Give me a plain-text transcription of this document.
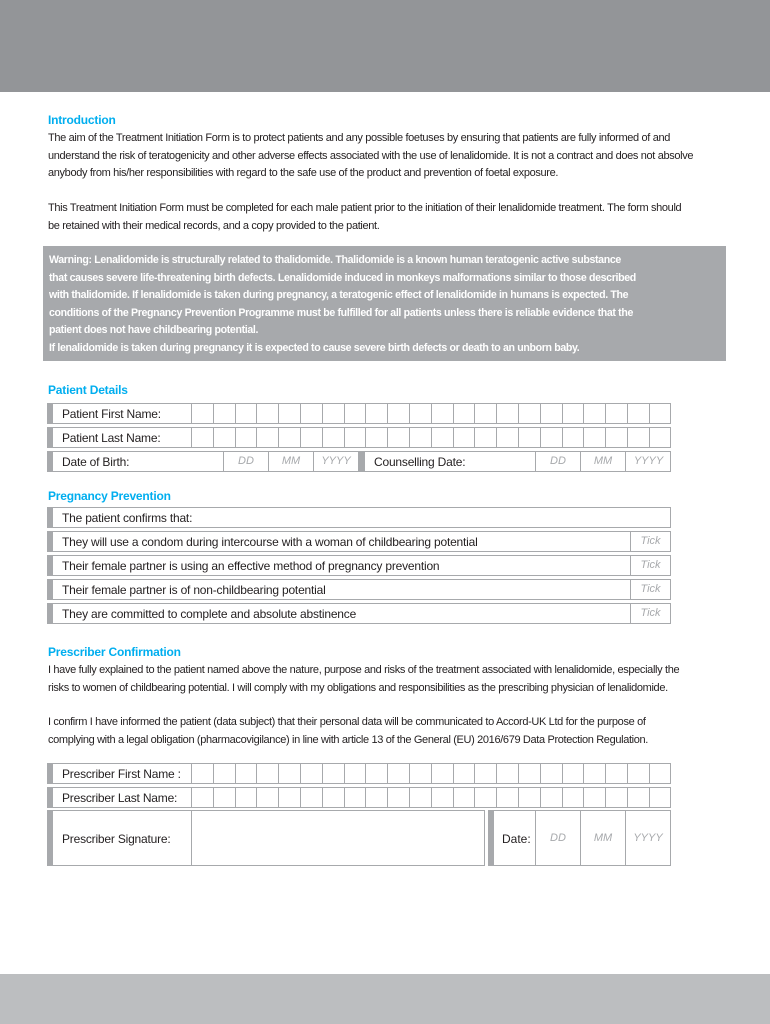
Introduction
The aim of the Treatment Initiation Form is to protect patients and any possible foetuses by ensuring that patients are fully informed of and
understand the risk of teratogenicity and other adverse effects associated with the use of lenalidomide. It is not a contract and does not absolve
anybody from his/her responsibilities with regard to the safe use of the product and prevention of foetal exposure.
This Treatment Initiation Form must be completed for each male patient prior to the initiation of their lenalidomide treatment. The form should
be retained with their medical records, and a copy provided to the patient.
Warning: Lenalidomide is structurally related to thalidomide. Thalidomide is a known human teratogenic active substance
that causes severe life-threatening birth defects. Lenalidomide induced in monkeys malformations similar to those described
with thalidomide. If lenalidomide is taken during pregnancy, a teratogenic effect of lenalidomide in humans is expected. The
conditions of the Pregnancy Prevention Programme must be fulfilled for all patients unless there is reliable evidence that the
patient does not have childbearing potential.
If lenalidomide is taken during pregnancy it is expected to cause severe birth defects or death to an unborn baby.
Patient Details
Patient First Name:
Patient Last Name:
Date of Birth:	DD	MM	YYYY	Counselling Date:	DD	MM	YYYY
Pregnancy Prevention
The patient confirms that:
They will use a condom during intercourse with a woman of childbearing potential	Tick
Their female partner is using an effective method of pregnancy prevention	Tick
Their female partner is of non-childbearing potential	Tick
They are committed to complete and absolute abstinence	Tick
Prescriber Confirmation
I have fully explained to the patient named above the nature, purpose and risks of the treatment associated with lenalidomide, especially the
risks to women of childbearing potential. I will comply with my obligations and responsibilities as the prescribing physician of lenalidomide.
I confirm I have informed the patient (data subject) that their personal data will be communicated to Accord-UK Ltd for the purpose of
complying with a legal obligation (pharmacovigilance) in line with article 13 of the General (EU) 2016/679 Data Protection Regulation.
Prescriber First Name :
Prescriber Last Name:
Prescriber Signature:	Date:	DD	MM	YYYY
